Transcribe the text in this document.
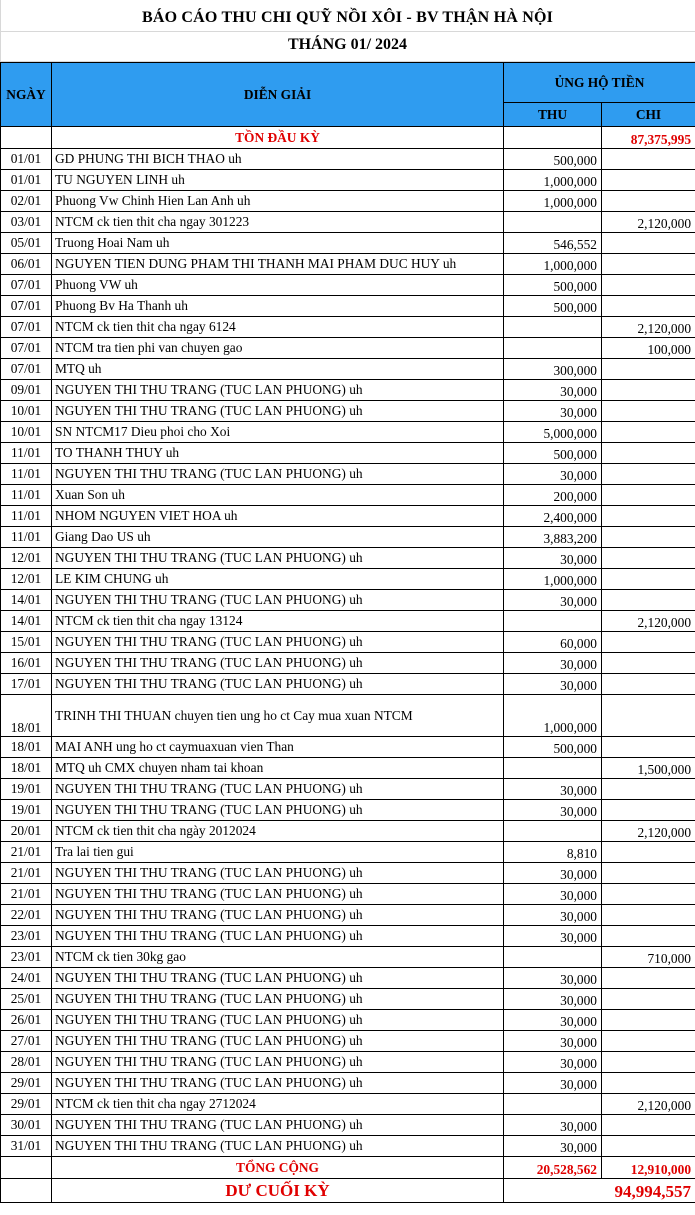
BÁO CÁO THU CHI QUỸ NỒI XÔI - BV THẬN HÀ NỘI
THÁNG 01/ 2024
NGÀY	DIỄN GIẢI	ỦNG HỘ TIỀN	
		THU	CHI
	TỒN ĐẦU KỲ		87,375,995
01/01	GD PHUNG THI BICH THAO uh	500,000	
01/01	TU NGUYEN LINH uh	1,000,000	
02/01	Phuong Vw Chinh Hien Lan Anh uh	1,000,000	
03/01	NTCM ck tien thit cha ngay 301223		2,120,000
05/01	Truong Hoai Nam uh	546,552	
06/01	NGUYEN TIEN DUNG PHAM THI THANH MAI PHAM DUC HUY uh	1,000,000	
07/01	Phuong VW uh	500,000	
07/01	Phuong Bv Ha Thanh uh	500,000	
07/01	NTCM ck tien thit cha ngay 6124		2,120,000
07/01	NTCM tra tien phi van chuyen gao		100,000
07/01	MTQ uh	300,000	
09/01	NGUYEN THI THU TRANG (TUC LAN PHUONG) uh	30,000	
10/01	NGUYEN THI THU TRANG (TUC LAN PHUONG) uh	30,000	
10/01	SN NTCM17 Dieu phoi cho Xoi	5,000,000	
11/01	TO THANH THUY uh	500,000	
11/01	NGUYEN THI THU TRANG (TUC LAN PHUONG) uh	30,000	
11/01	Xuan Son uh	200,000	
11/01	NHOM NGUYEN VIET HOA uh	2,400,000	
11/01	Giang Dao US uh	3,883,200	
12/01	NGUYEN THI THU TRANG (TUC LAN PHUONG) uh	30,000	
12/01	LE KIM CHUNG uh	1,000,000	
14/01	NGUYEN THI THU TRANG (TUC LAN PHUONG) uh	30,000	
14/01	NTCM ck tien thit cha ngay 13124		2,120,000
15/01	NGUYEN THI THU TRANG (TUC LAN PHUONG) uh	60,000	
16/01	NGUYEN THI THU TRANG (TUC LAN PHUONG) uh	30,000	
17/01	NGUYEN THI THU TRANG (TUC LAN PHUONG) uh	30,000	
18/01	TRINH THI THUAN chuyen tien ung ho ct Cay mua xuan NTCM	1,000,000	
18/01	MAI ANH ung ho ct caymuaxuan vien Than	500,000	
18/01	MTQ uh CMX chuyen nham tai khoan		1,500,000
19/01	NGUYEN THI THU TRANG (TUC LAN PHUONG) uh	30,000	
19/01	NGUYEN THI THU TRANG (TUC LAN PHUONG) uh	30,000	
20/01	NTCM ck tien thit cha ngày 2012024		2,120,000
21/01	Tra lai tien gui	8,810	
21/01	NGUYEN THI THU TRANG (TUC LAN PHUONG) uh	30,000	
21/01	NGUYEN THI THU TRANG (TUC LAN PHUONG) uh	30,000	
22/01	NGUYEN THI THU TRANG (TUC LAN PHUONG) uh	30,000	
23/01	NGUYEN THI THU TRANG (TUC LAN PHUONG) uh	30,000	
23/01	NTCM ck tien 30kg gao		710,000
24/01	NGUYEN THI THU TRANG (TUC LAN PHUONG) uh	30,000	
25/01	NGUYEN THI THU TRANG (TUC LAN PHUONG) uh	30,000	
26/01	NGUYEN THI THU TRANG (TUC LAN PHUONG) uh	30,000	
27/01	NGUYEN THI THU TRANG (TUC LAN PHUONG) uh	30,000	
28/01	NGUYEN THI THU TRANG (TUC LAN PHUONG) uh	30,000	
29/01	NGUYEN THI THU TRANG (TUC LAN PHUONG) uh	30,000	
29/01	NTCM ck tien thit cha ngay 2712024		2,120,000
30/01	NGUYEN THI THU TRANG (TUC LAN PHUONG) uh	30,000	
31/01	NGUYEN THI THU TRANG (TUC LAN PHUONG) uh	30,000	
	TỔNG CỘNG	20,528,562	12,910,000
	DƯ CUỐI KỲ	94,994,557	
